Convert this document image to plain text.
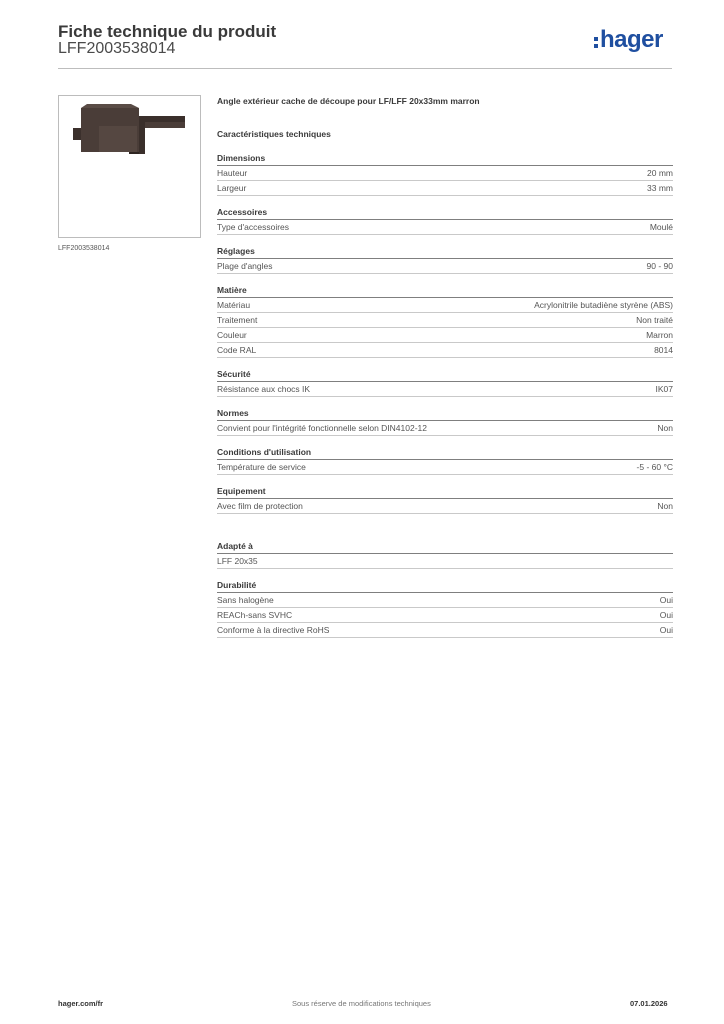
Fiche technique du produit
LFF2003538014	hager
LFF2003538014
Angle extérieur cache de découpe pour LF/LFF 20x33mm marron
Caractéristiques techniques
Dimensions
Hauteur	20 mm
Largeur	33 mm
Accessoires
Type d'accessoires	Moulé
Réglages
Plage d'angles	90 - 90
Matière
Matériau	Acrylonitrile butadiène styrène (ABS)
Traitement	Non traité
Couleur	Marron
Code RAL	8014
Sécurité
Résistance aux chocs IK	IK07
Normes
Convient pour l'intégrité fonctionnelle selon DIN4102-12	Non
Conditions d'utilisation
Température de service	-5 - 60 °C
Equipement
Avec film de protection	Non
Adapté à
LFF 20x35
Durabilité
Sans halogène	Oui
REACh-sans SVHC	Oui
Conforme à la directive RoHS	Oui
hager.com/fr	Sous réserve de modifications techniques	07.01.2026
